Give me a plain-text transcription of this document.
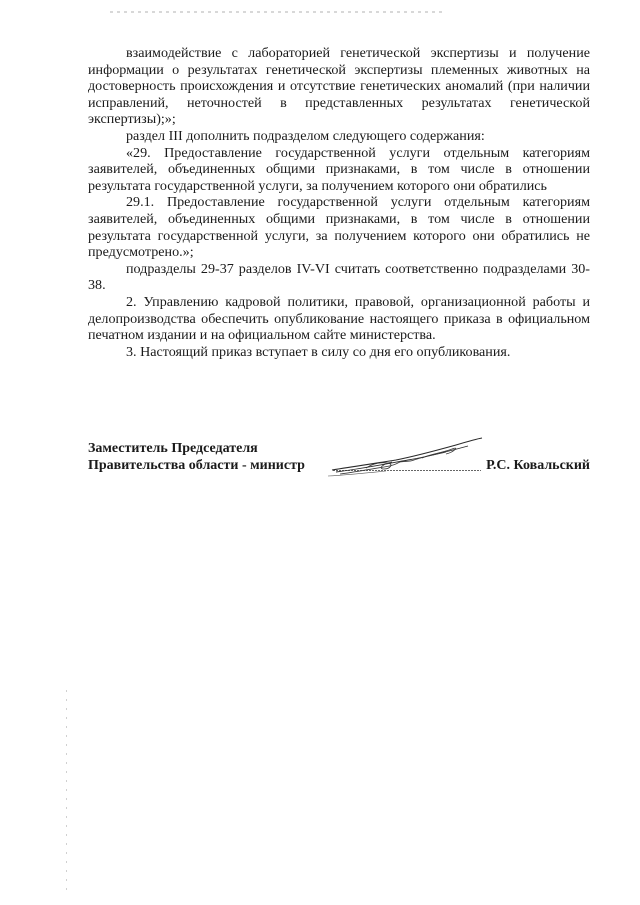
взаимодействие с лабораторией генетической экспертизы и получение информации о результатах генетической экспертизы племенных животных на достоверность происхождения и отсутствие генетических аномалий (при наличии исправлений, неточностей в представленных результатах генетической экспертизы);»;

раздел III дополнить подразделом следующего содержания:

«29. Предоставление государственной услуги отдельным категориям заявителей, объединенных общими признаками, в том числе в отношении результата государственной услуги, за получением которого они обратились

29.1. Предоставление государственной услуги отдельным категориям заявителей, объединенных общими признаками, в том числе в отношении результата государственной услуги, за получением которого они обратились не предусмотрено.»;

подразделы 29-37 разделов IV-VI считать соответственно подразделами 30-38.

2. Управлению кадровой политики, правовой, организационной работы и делопроизводства обеспечить опубликование настоящего приказа в официальном печатном издании и на официальном сайте министерства.

3. Настоящий приказ вступает в силу со дня его опубликования.

Заместитель Председателя
Правительства области - министр	Р.С. Ковальский
